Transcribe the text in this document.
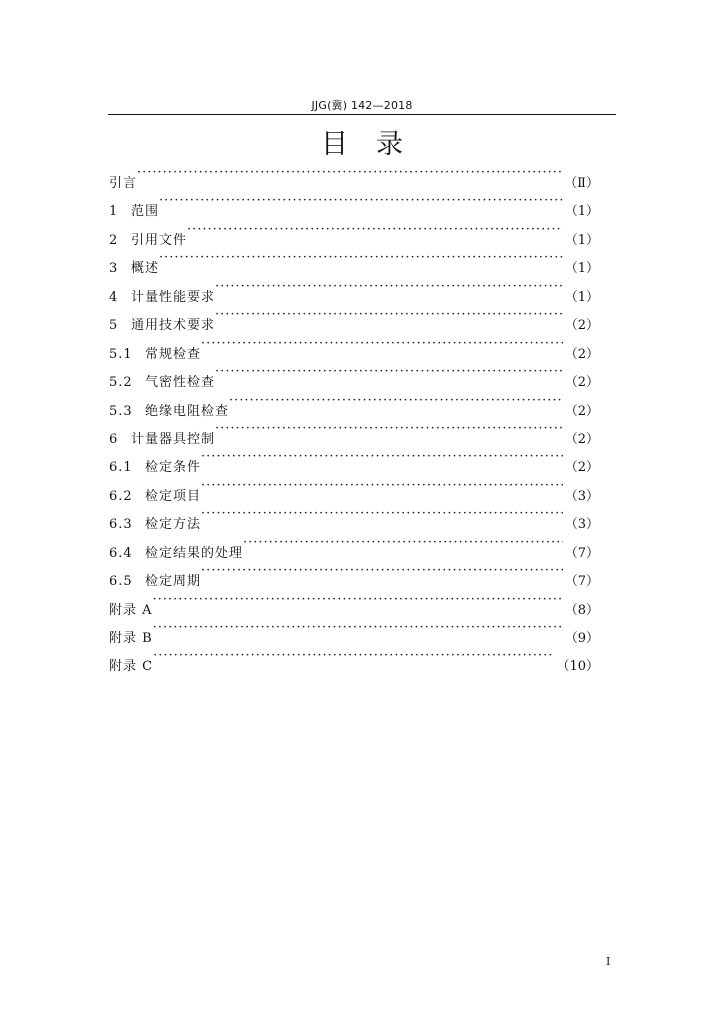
JJG(冀) 142—2018
目录
引言 ·····	（Ⅱ）
1 范围 ·····	（1）
2 引用文件 ·····	（1）
3 概述 ·····	（1）
4 计量性能要求 ·····	（1）
5 通用技术要求 ·····	（2）
5.1 常规检查 ·····	（2）
5.2 气密性检查 ·····	（2）
5.3 绝缘电阻检查 ·····	（2）
6 计量器具控制 ·····	（2）
6.1 检定条件 ·····	（2）
6.2 检定项目 ·····	（3）
6.3 检定方法 ·····	（3）
6.4 检定结果的处理 ·····	（7）
6.5 检定周期 ·····	（7）
附录 A ·····	（8）
附录 B ·····	（9）
附录 C ·····	（10）
Ⅰ
